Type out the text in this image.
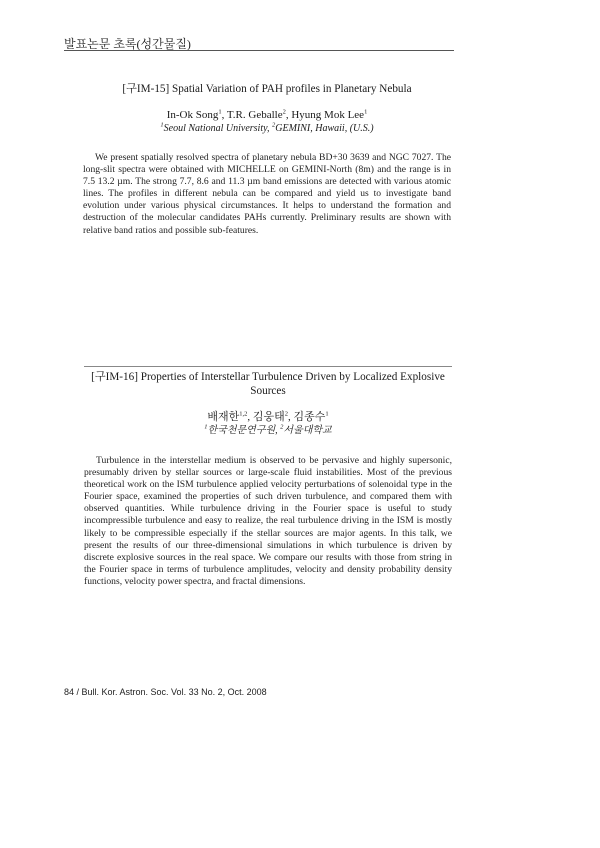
발표논문 초록(성간물질)
[구IM-15] Spatial Variation of PAH profiles in Planetary Nebula
In-Ok Song$^1$, T.R. Geballe$^2$, Hyung Mok Lee$^1$
$^1$Seoul National University, $^2$GEMINI, Hawaii, (U.S.)

We present spatially resolved spectra of planetary nebula BD+30 3639 and NGC 7027. The long-slit spectra were obtained with MICHELLE on GEMINI-North (8m) and the range is in 7.5 13.2 µm. The strong 7.7, 8.6 and 11.3 µm band emissions are detected with various atomic lines. The profiles in different nebula can be compared and yield us to investigate band evolution under various physical circumstances. It helps to understand the formation and destruction of the molecular candidates PAHs currently. Preliminary results are shown with relative band ratios and possible sub-features.

[구IM-16] Properties of Interstellar Turbulence Driven by Localized Explosive Sources
배재한$^{1,2}$, 김웅태$^2$, 김종수$^1$
$^1$한국천문연구원, $^2$서울대학교

Turbulence in the interstellar medium is observed to be pervasive and highly supersonic, presumably driven by stellar sources or large-scale fluid instabilities. Most of the previous theoretical work on the ISM turbulence applied velocity perturbations of solenoidal type in the Fourier space, examined the properties of such driven turbulence, and compared them with observed quantities. While turbulence driving in the Fourier space is useful to study incompressible turbulence and easy to realize, the real turbulence driving in the ISM is mostly likely to be compressible especially if the stellar sources are major agents. In this talk, we present the results of our three-dimensional simulations in which turbulence is driven by discrete explosive sources in the real space. We compare our results with those from string in the Fourier space in terms of turbulence amplitudes, velocity and density probability density functions, velocity power spectra, and fractal dimensions.

84 / Bull. Kor. Astron. Soc. Vol. 33 No. 2, Oct. 2008
